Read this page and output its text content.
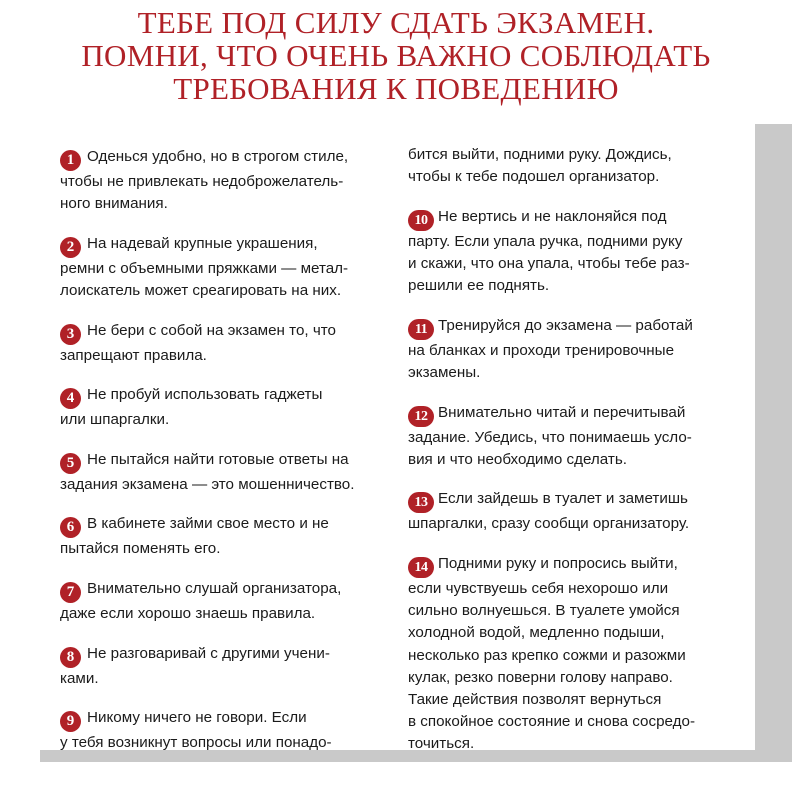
ТЕБЕ ПОД СИЛУ СДАТЬ ЭКЗАМЕН.
ПОМНИ, ЧТО ОЧЕНЬ ВАЖНО СОБЛЮДАТЬ
ТРЕБОВАНИЯ К ПОВЕДЕНИЮ
1 Оденься удобно, но в строгом стиле,
чтобы не привлекать недоброжелатель-
ного внимания.
2 На надевай крупные украшения,
ремни с объемными пряжками — метал-
лоискатель может среагировать на них.
3 Не бери с собой на экзамен то, что
запрещают правила.
4 Не пробуй использовать гаджеты
или шпаргалки.
5 Не пытайся найти готовые ответы на
задания экзамена — это мошенничество.
6 В кабинете займи свое место и не
пытайся поменять его.
7 Внимательно слушай организатора,
даже если хорошо знаешь правила.
8 Не разговаривай с другими учени-
ками.
9 Никому ничего не говори. Если
у тебя возникнут вопросы или понадо-
бится выйти, подними руку. Дождись,
чтобы к тебе подошел организатор.
10 Не вертись и не наклоняйся под
парту. Если упала ручка, подними руку
и скажи, что она упала, чтобы тебе раз-
решили ее поднять.
11 Тренируйся до экзамена — работай
на бланках и проходи тренировочные
экзамены.
12 Внимательно читай и перечитывай
задание. Убедись, что понимаешь усло-
вия и что необходимо сделать.
13 Если зайдешь в туалет и заметишь
шпаргалки, сразу сообщи организатору.
14 Подними руку и попросись выйти,
если чувствуешь себя нехорошо или
сильно волнуешься. В туалете умойся
холодной водой, медленно подыши,
несколько раз крепко сожми и разожми
кулак, резко поверни голову направо.
Такие действия позволят вернуться
в спокойное состояние и снова сосредо-
точиться.
